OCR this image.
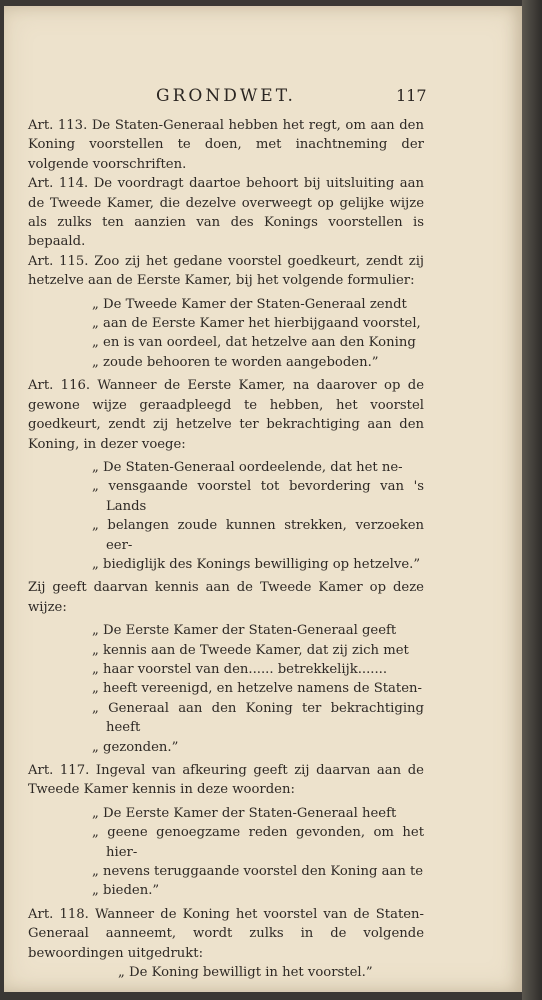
GRONDWET.	117

Art. 113. De Staten-Generaal hebben het regt, om aan den Koning voorstellen te doen, met inachtneming der volgende voorschriften.

Art. 114. De voordragt daartoe behoort bij uitsluiting aan de Tweede Kamer, die dezelve overweegt op gelijke wijze als zulks ten aanzien van des Konings voorstellen is bepaald.

Art. 115. Zoo zij het gedane voorstel goedkeurt, zendt zij hetzelve aan de Eerste Kamer, bij het volgende formulier:

„ De Tweede Kamer der Staten-Generaal zendt

„ aan de Eerste Kamer het hierbijgaand voorstel,

„ en is van oordeel, dat hetzelve aan den Koning

„ zoude behooren te worden aangeboden.”

Art. 116. Wanneer de Eerste Kamer, na daarover op de gewone wijze geraadpleegd te hebben, het voorstel goedkeurt, zendt zij hetzelve ter bekrachtiging aan den Koning, in dezer voege:

„ De Staten-Generaal oordeelende, dat het ne-

„ vensgaande voorstel tot bevordering van 's Lands

„ belangen zoude kunnen strekken, verzoeken eer-

„ biediglijk des Konings bewilliging op hetzelve.”

Zij geeft daarvan kennis aan de Tweede Kamer op deze wijze:

„ De Eerste Kamer der Staten-Generaal geeft

„ kennis aan de Tweede Kamer, dat zij zich met

„ haar voorstel van den...... betrekkelijk.......

„ heeft vereenigd, en hetzelve namens de Staten-

„ Generaal aan den Koning ter bekrachtiging heeft

„ gezonden.”

Art. 117. Ingeval van afkeuring geeft zij daarvan aan de Tweede Kamer kennis in deze woorden:

„ De Eerste Kamer der Staten-Generaal heeft

„ geene genoegzame reden gevonden, om het hier-

„ nevens teruggaande voorstel den Koning aan te

„ bieden.”

Art. 118. Wanneer de Koning het voorstel van de Staten-Generaal aanneemt, wordt zulks in de volgende bewoordingen uitgedrukt:

„ De Koning bewilligt in het voorstel.”
